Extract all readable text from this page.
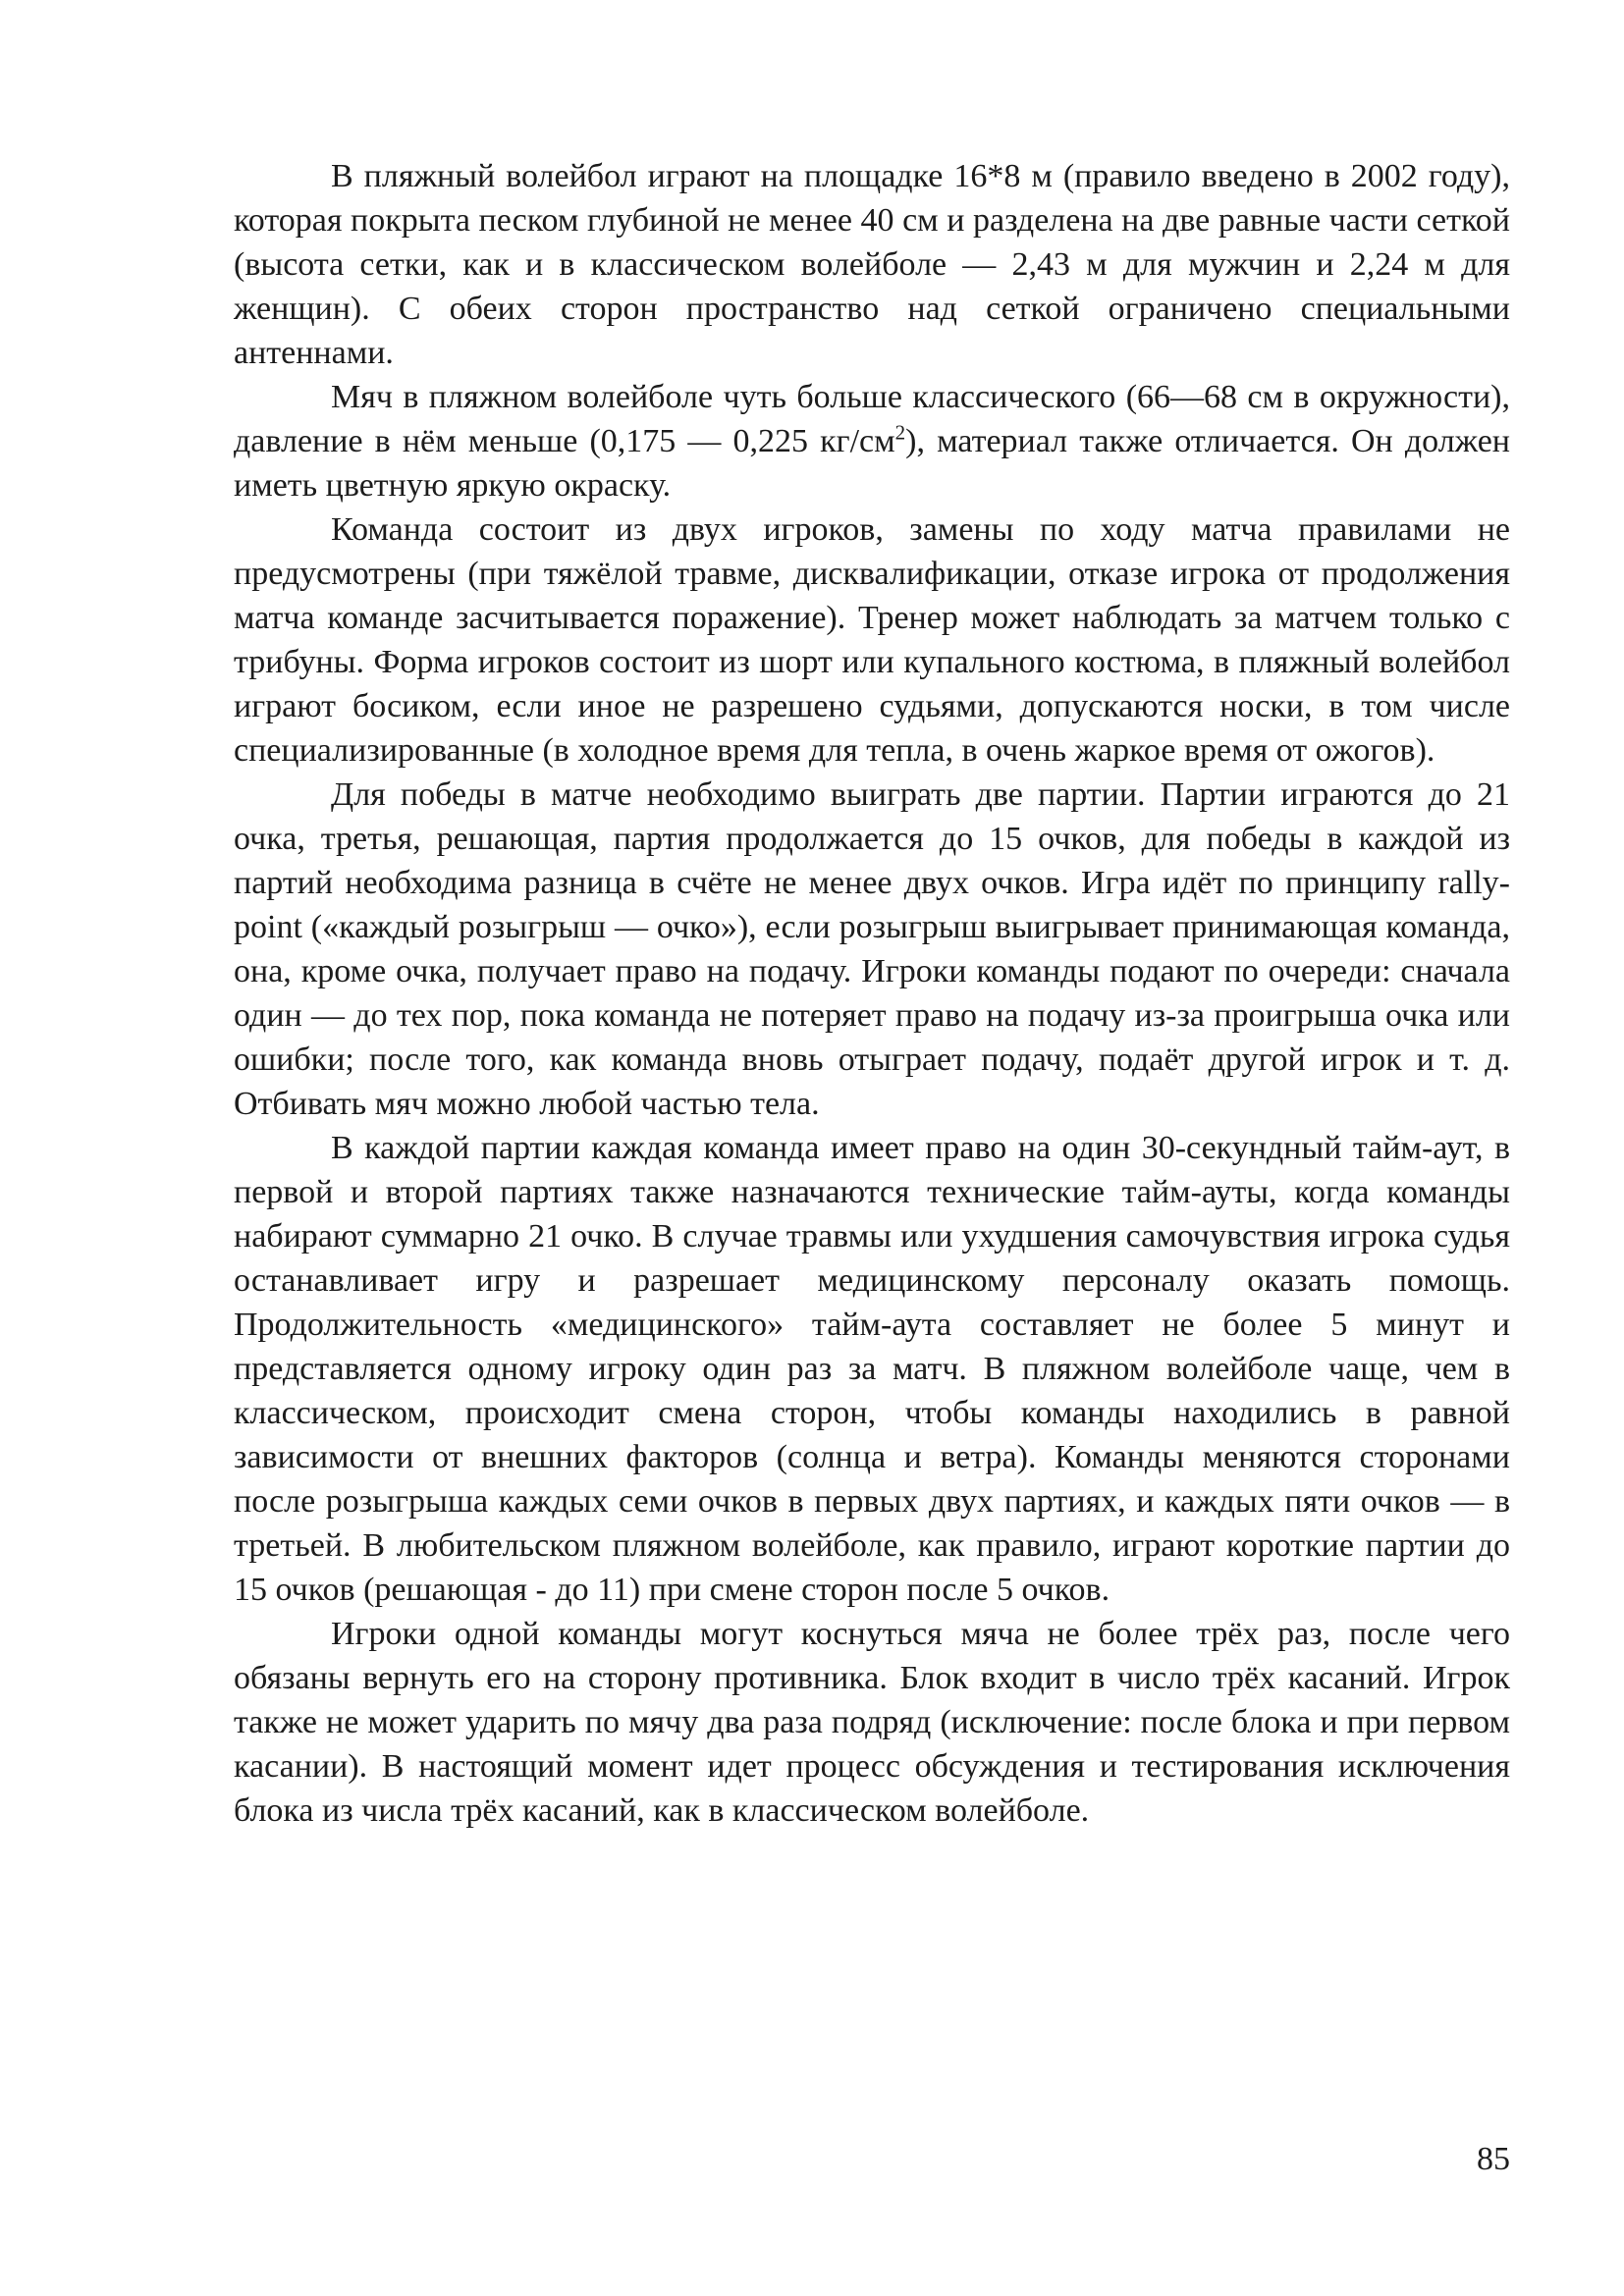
В пляжный волейбол играют на площадке 16*8 м (правило введено в 2002 году), которая покрыта песком глубиной не менее 40 см и разделена на две равные части сеткой (высота сетки, как и в классическом волейболе — 2,43 м для мужчин и 2,24 м для женщин). С обеих сторон пространство над сеткой ограничено специальными антеннами.

Мяч в пляжном волейболе чуть больше классического (66—68 см в окружности), давление в нём меньше (0,175 — 0,225 $кг/см^2$), материал также отличается. Он должен иметь цветную яркую окраску.

Команда состоит из двух игроков, замены по ходу матча правилами не предусмотрены (при тяжёлой травме, дисквалификации, отказе игрока от продолжения матча команде засчитывается поражение). Тренер может наблюдать за матчем только с трибуны. Форма игроков состоит из шорт или купального костюма, в пляжный волейбол играют босиком, если иное не разрешено судьями, допускаются носки, в том числе специализированные (в холодное время для тепла, в очень жаркое время от ожогов).

Для победы в матче необходимо выиграть две партии. Партии играются до 21 очка, третья, решающая, партия продолжается до 15 очков, для победы в каждой из партий необходима разница в счёте не менее двух очков. Игра идёт по принципу rally-point («каждый розыгрыш — очко»), если розыгрыш выигрывает принимающая команда, она, кроме очка, получает право на подачу. Игроки команды подают по очереди: сначала один — до тех пор, пока команда не потеряет право на подачу из-за проигрыша очка или ошибки; после того, как команда вновь отыграет подачу, подаёт другой игрок и т. д. Отбивать мяч можно любой частью тела.

В каждой партии каждая команда имеет право на один 30-секундный тайм-аут, в первой и второй партиях также назначаются технические тайм-ауты, когда команды набирают суммарно 21 очко. В случае травмы или ухудшения самочувствия игрока судья останавливает игру и разрешает медицинскому персоналу оказать помощь. Продолжительность «медицинского» тайм-аута составляет не более 5 минут и представляется одному игроку один раз за матч. В пляжном волейболе чаще, чем в классическом, происходит смена сторон, чтобы команды находились в равной зависимости от внешних факторов (солнца и ветра). Команды меняются сторонами после розыгрыша каждых семи очков в первых двух партиях, и каждых пяти очков — в третьей. В любительском пляжном волейболе, как правило, играют короткие партии до 15 очков (решающая - до 11) при смене сторон после 5 очков.

Игроки одной команды могут коснуться мяча не более трёх раз, после чего обязаны вернуть его на сторону противника. Блок входит в число трёх касаний. Игрок также не может ударить по мячу два раза подряд (исключение: после блока и при первом касании). В настоящий момент идет процесс обсуждения и тестирования исключения блока из числа трёх касаний, как в классическом волейболе.

85
